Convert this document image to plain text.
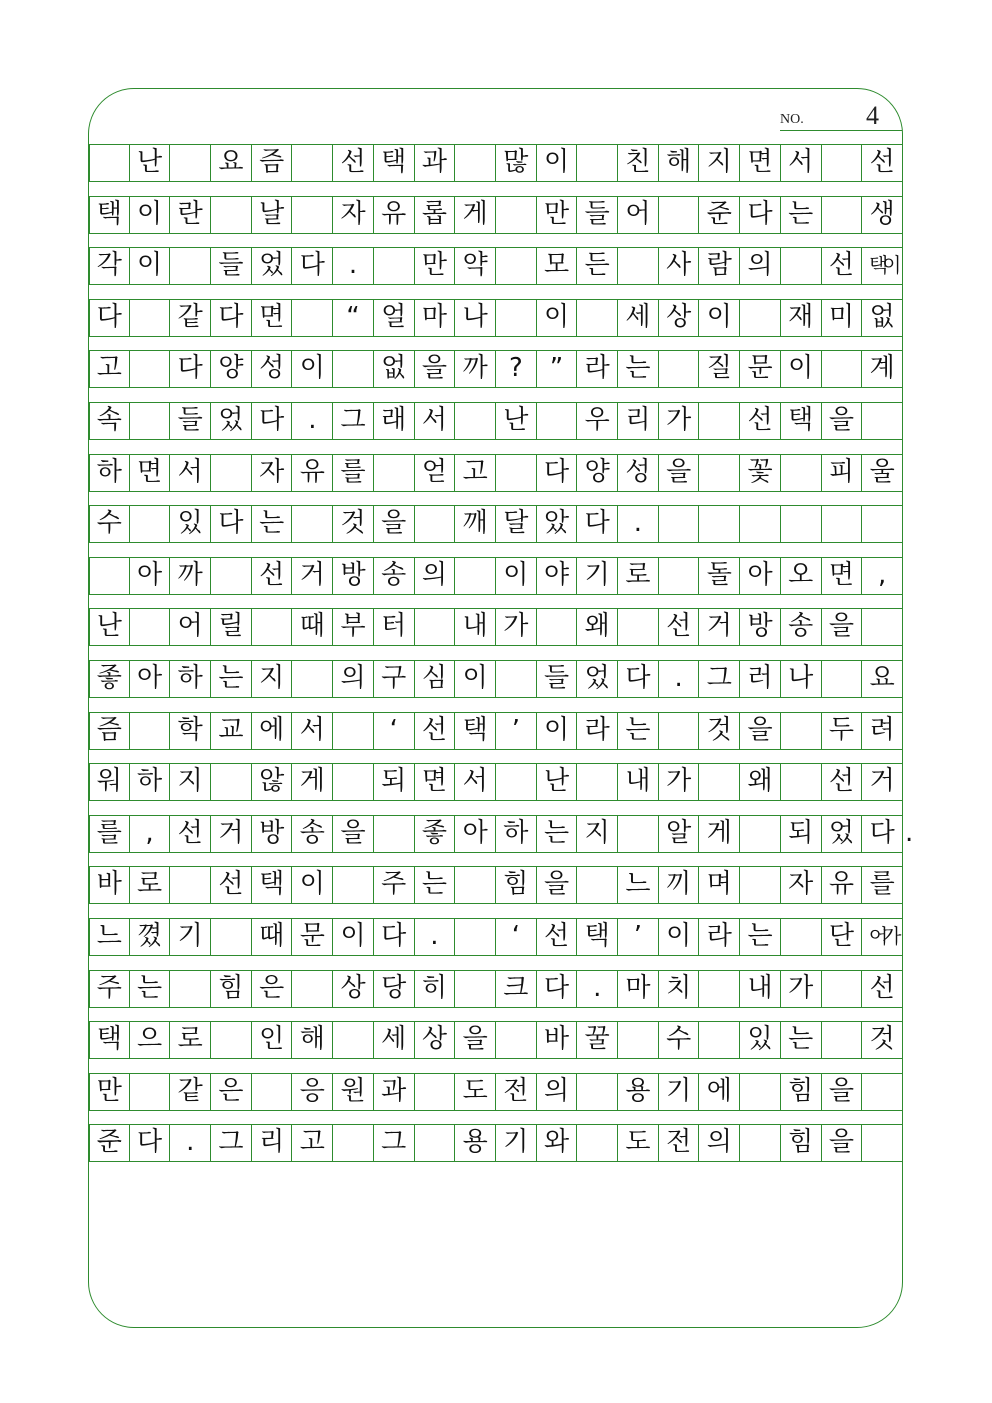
NO. 4
난	요 즘	선 택 과	많 이	친 해 지 면 서	선
택 이 란	날	자 유 롭 게	만 들 어	준 다 는	생
각 이	들 었 다 .	만 약	모 든	사 람 의	선 택이
다 같 다 면	“ 얼 마 나	이	세 상 이	재 미 없
고 다 양 성 이	없 을 까 ?	” 라 는	질 문 이	계
속 들 었 다 . 그 래 서	난	우 리 가	선 택 을
하 면 서	자 유 를	얻 고	다 양 성 을	꽃	피 울
수 있 다 는	것 을	깨 달 았 다 .
아 까	선 거 방 송 의	이 야 기 로	돌 아 오 면 ,
난 어 릴	때 부 터	내 가	왜	선 거 방 송 을
좋 아 하 는 지	의 구 심 이	들 었 다 . 그 러 나	요
즘 학 교 에 서	‘ 선 택 ’ 이 라 는	것 을	두 려
워 하 지	않 게	되 면 서	난	내 가	왜	선 거
를 , 선 거 방 송 을	좋 아 하 는 지	알 게	되 었 다 .
바 로	선 택 이	주 는	힘 을	느 끼 며	자 유 를
느 꼈 기	때 문 이 다 .	‘ 선 택 ’ 이 라 는	단 어가
주 는	힘 은	상 당 히	크 다 . 마 치	내 가	선
택 으 로	인 해	세 상 을	바 꿀	수	있 는	것
만 같 은	응 원 과	도 전 의	용 기 에	힘 을
준 다 . 그 리 고	그	용 기 와	도 전 의	힘 을
